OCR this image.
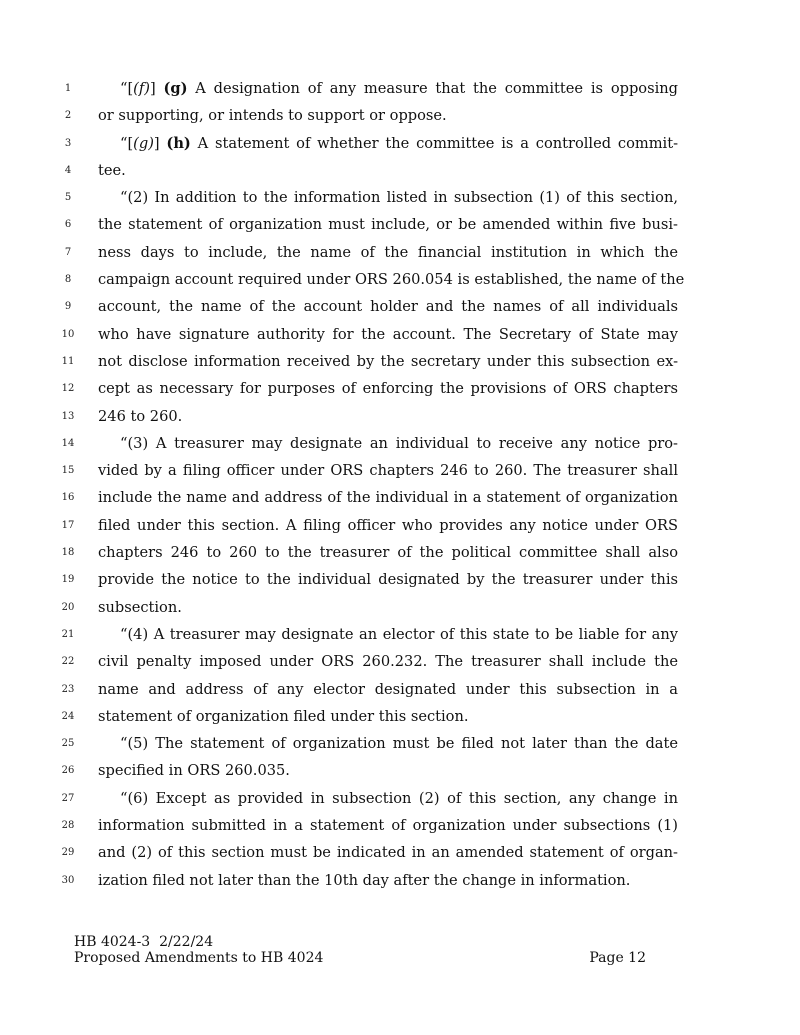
1	“[(f)] (g) A designation of any measure that the committee is opposing
2	or supporting, or intends to support or oppose.
3	“[(g)] (h) A statement of whether the committee is a controlled commit-
4	tee.
5	“(2) In addition to the information listed in subsection (1) of this section,
6	the statement of organization must include, or be amended within five busi-
7	ness days to include, the name of the financial institution in which the
8	campaign account required under ORS 260.054 is established, the name of the
9	account, the name of the account holder and the names of all individuals
10	who have signature authority for the account. The Secretary of State may
11	not disclose information received by the secretary under this subsection ex-
12	cept as necessary for purposes of enforcing the provisions of ORS chapters
13	246 to 260.
14	“(3) A treasurer may designate an individual to receive any notice pro-
15	vided by a filing officer under ORS chapters 246 to 260. The treasurer shall
16	include the name and address of the individual in a statement of organization
17	filed under this section. A filing officer who provides any notice under ORS
18	chapters 246 to 260 to the treasurer of the political committee shall also
19	provide the notice to the individual designated by the treasurer under this
20	subsection.
21	“(4) A treasurer may designate an elector of this state to be liable for any
22	civil penalty imposed under ORS 260.232. The treasurer shall include the
23	name and address of any elector designated under this subsection in a
24	statement of organization filed under this section.
25	“(5) The statement of organization must be filed not later than the date
26	specified in ORS 260.035.
27	“(6) Except as provided in subsection (2) of this section, any change in
28	information submitted in a statement of organization under subsections (1)
29	and (2) of this section must be indicated in an amended statement of organ-
30	ization filed not later than the 10th day after the change in information.
HB 4024-3 2/22/24
Proposed Amendments to HB 4024	Page 12
